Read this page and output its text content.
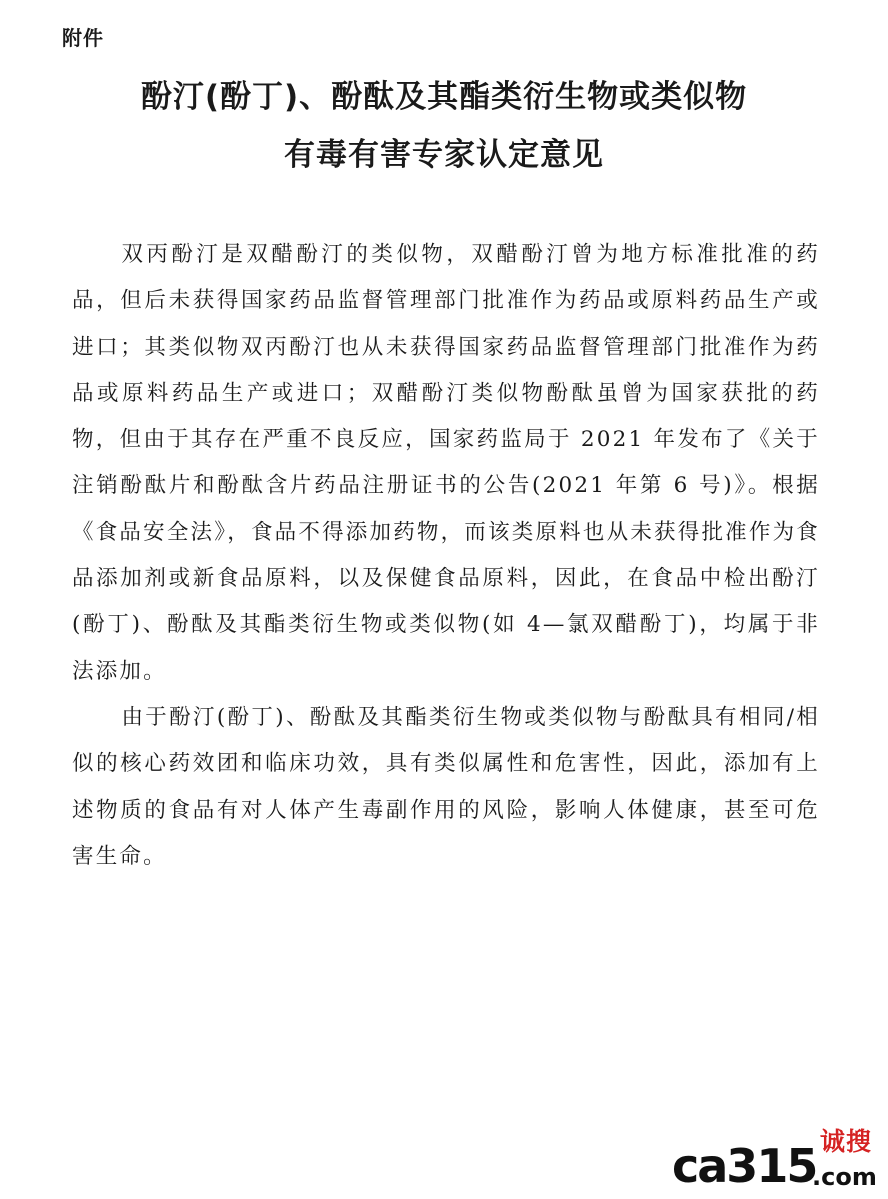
附件
酚汀(酚丁)、酚酞及其酯类衍生物或类似物
有毒有害专家认定意见

双丙酚汀是双醋酚汀的类似物，双醋酚汀曾为地方标准批准的药品，但后未获得国家药品监督管理部门批准作为药品或原料药品生产或进口；其类似物双丙酚汀也从未获得国家药品监督管理部门批准作为药品或原料药品生产或进口；双醋酚汀类似物酚酞虽曾为国家获批的药物，但由于其存在严重不良反应，国家药监局于 2021 年发布了《关于注销酚酞片和酚酞含片药品注册证书的公告(2021 年第 6 号)》。根据《食品安全法》，食品不得添加药物，而该类原料也从未获得批准作为食品添加剂或新食品原料，以及保健食品原料，因此，在食品中检出酚汀(酚丁)、酚酞及其酯类衍生物或类似物(如 4—氯双醋酚丁)，均属于非法添加。

由于酚汀(酚丁)、酚酞及其酯类衍生物或类似物与酚酞具有相同/相似的核心药效团和临床功效，具有类似属性和危害性，因此，添加有上述物质的食品有对人体产生毒副作用的风险，影响人体健康，甚至可危害生命。

ca315 诚搜
.com
